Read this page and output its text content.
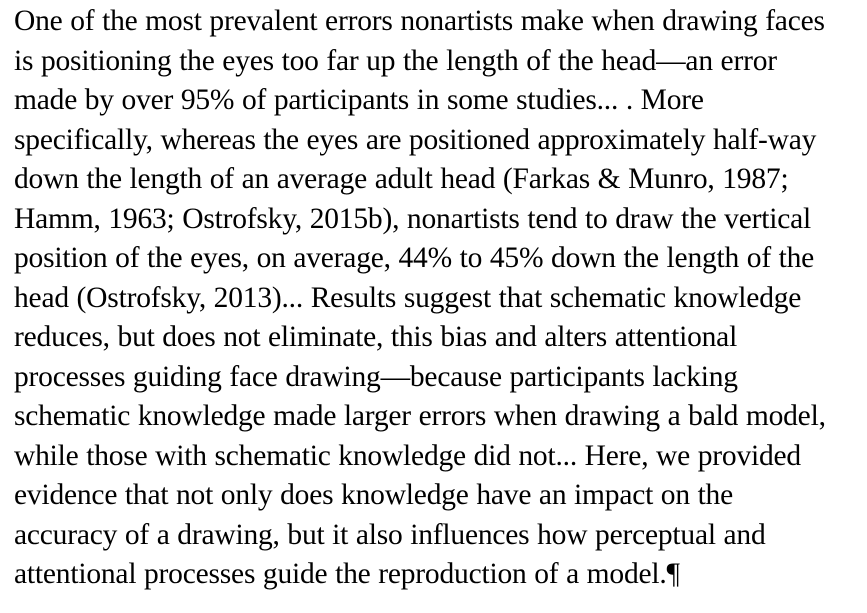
One of the most prevalent errors nonartists make when drawing faces
is positioning the eyes too far up the length of the head—an error
made by over 95% of participants in some studies... . More
specifically, whereas the eyes are positioned approximately half-way
down the length of an average adult head (Farkas & Munro, 1987;
Hamm, 1963; Ostrofsky, 2015b), nonartists tend to draw the vertical
position of the eyes, on average, 44% to 45% down the length of the
head (Ostrofsky, 2013)... Results suggest that schematic knowledge
reduces, but does not eliminate, this bias and alters attentional
processes guiding face drawing—because participants lacking
schematic knowledge made larger errors when drawing a bald model,
while those with schematic knowledge did not... Here, we provided
evidence that not only does knowledge have an impact on the
accuracy of a drawing, but it also influences how perceptual and
attentional processes guide the reproduction of a model.¶
